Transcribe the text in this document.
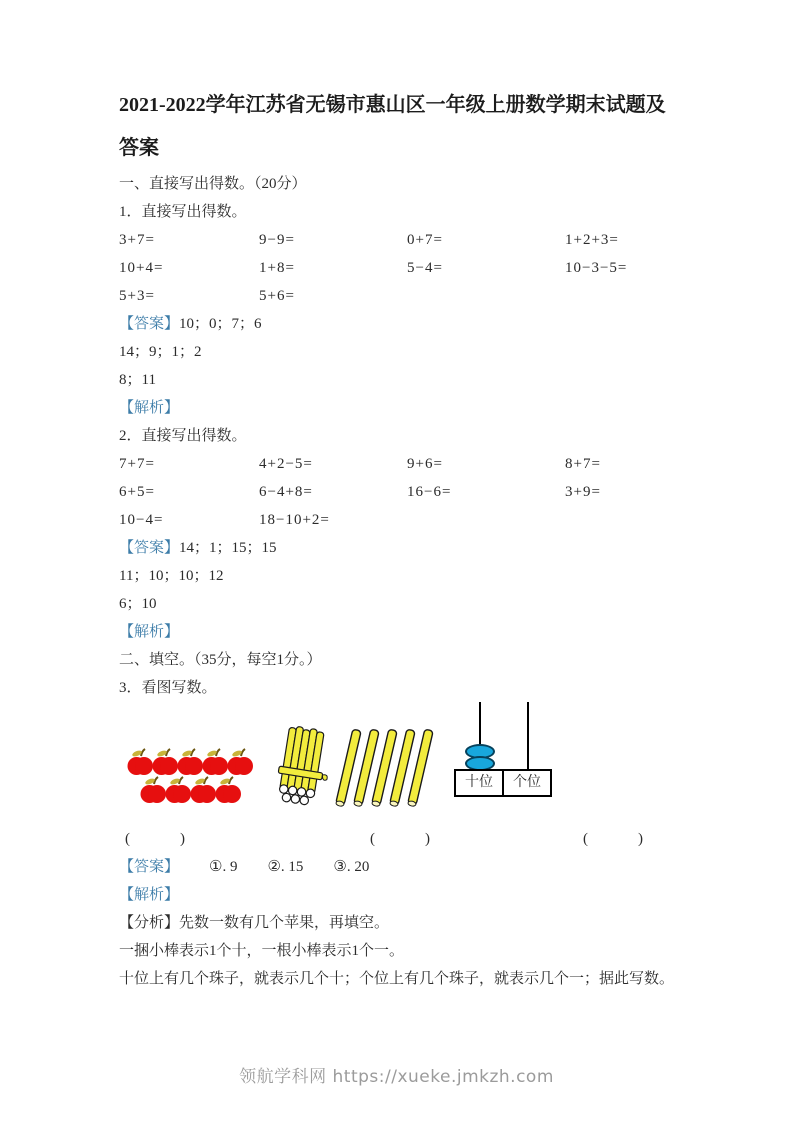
2021-2022学年江苏省无锡市惠山区一年级上册数学期末试题及答案

一、直接写出得数。（20分）

1．直接写出得数。

3+7=	9−9=	0+7=	1+2+3=
10+4=	1+8=	5−4=	10−3−5=
5+3=	5+6=

【答案】10；0；7；6

14；9；1；2

8；11

【解析】

2．直接写出得数。

7+7=	4+2−5=	9+6=	8+7=
6+5=	6−4+8=	16−6=	3+9=
10−4=	18−10+2=

【答案】14；1；15；15

11；10；10；12

6；10

【解析】

二、填空。（35分，每空1分。）

3．看图写数。

十位	个位
(	)	(	)	(	)

【答案】 ①. 9 ②. 15 ③. 20

【解析】

【分析】先数一数有几个苹果，再填空。

一捆小棒表示1个十，一根小棒表示1个一。

十位上有几个珠子，就表示几个十；个位上有几个珠子，就表示几个一；据此写数。

领航学科网 https://xueke.jmkzh.com
